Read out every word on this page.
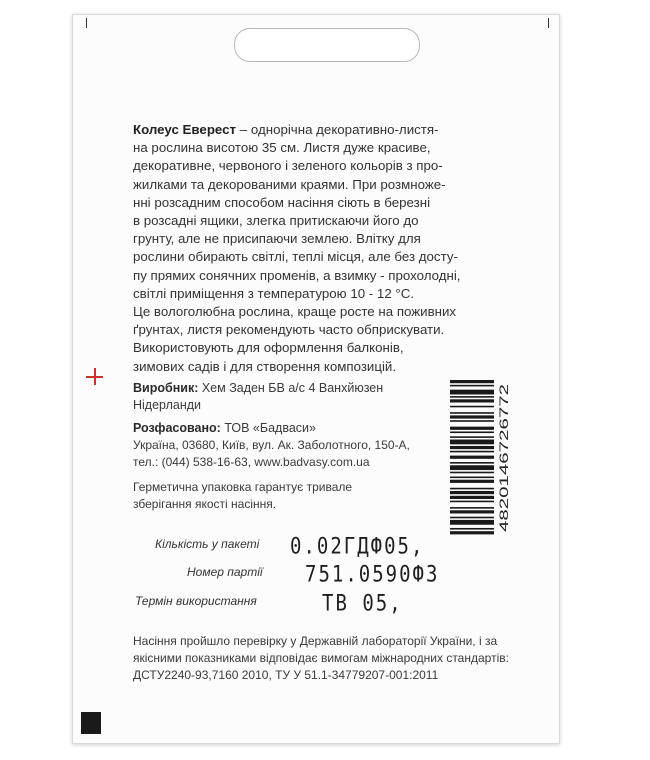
Колеус Еверест – однорічна декоративно-листя-
на рослина висотою 35 см. Листя дуже красиве,
декоративне, червоного і зеленого кольорів з про-
жилками та декорованими краями. При розмноже-
нні розсадним способом насіння сіють в березні
в розсадні ящики, злегка притискаючи його до
грунту, але не присипаючи землею. Влітку для
рослини обирають світлі, теплі місця, але без досту-
пу прямих сонячних променів, а взимку - прохолодні,
світлі приміщення з температурою 10 - 12 °С.
Це вологолюбна рослина, краще росте на поживних
ґрунтах, листя рекомендують часто обприскувати.
Використовують для оформлення балконів,
зимових садів і для створення композицій.
Виробник: Хем Заден БВ а/с 4 Ванхйюзен
Нідерланди
Розфасовано: ТОВ «Бадваси»
Україна, 03680, Київ, вул. Ак. Заболотного, 150-А,
тел.: (044) 538-16-63, www.badvasy.com.ua
Герметична упаковка гарантує тривале
зберігання якості насіння.	4820146726772
Кількість у пакеті 0.02ГДФ05,
Номер партії 751.0590ФЗ
Термін використання	ТВ 05,
Насіння пройшло перевірку у Державній лабораторії України, і за
якісними показниками відповідає вимогам міжнародних стандартів:
ДСТУ2240-93,7160 2010, ТУ У 51.1-34779207-001:2011
